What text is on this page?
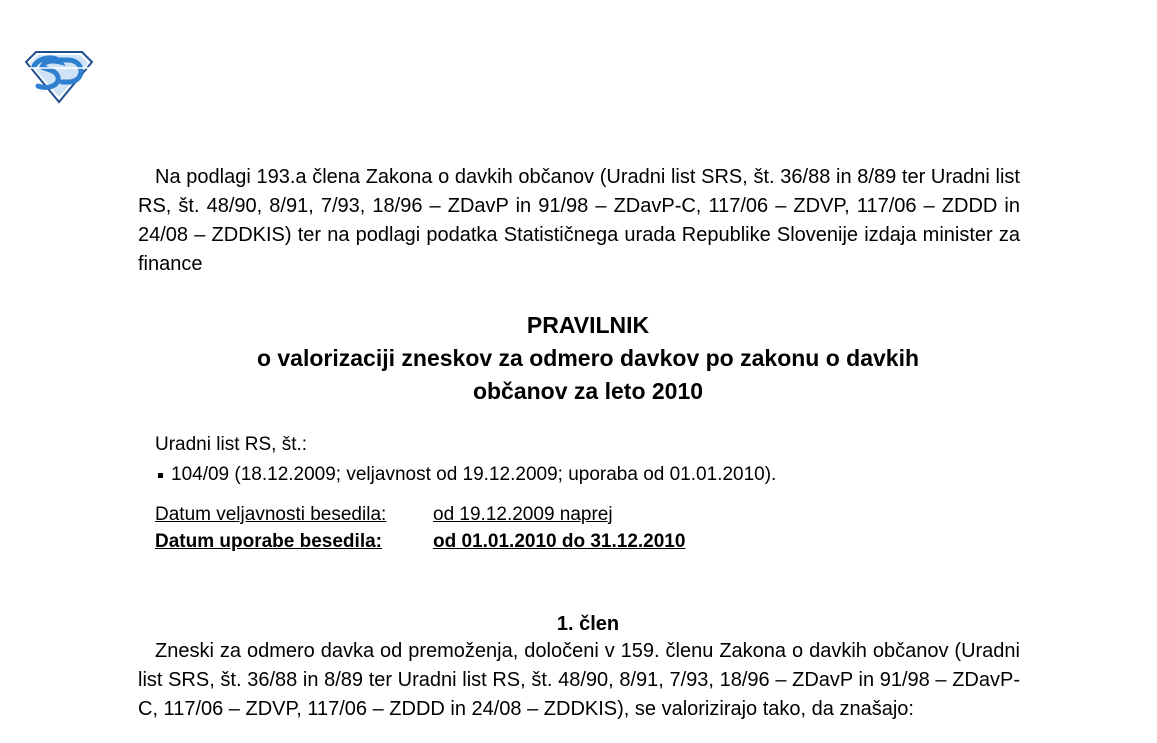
Na podlagi 193.a člena Zakona o davkih občanov (Uradni list SRS, št. 36/88 in 8/89 ter Uradni list RS, št. 48/90, 8/91, 7/93, 18/96 – ZDavP in 91/98 – ZDavP-C, 117/06 – ZDVP, 117/06 – ZDDD in 24/08 – ZDDKIS) ter na podlagi podatka Statističnega urada Republike Slovenije izdaja minister za finance

PRAVILNIK
o valorizaciji zneskov za odmero davkov po zakonu o davkih
občanov za leto 2010
Uradni list RS, št.:
104/09 (18.12.2009; veljavnost od 19.12.2009; uporaba od 01.01.2010).
Datum veljavnosti besedila:	od 19.12.2009 naprej
Datum uporabe besedila:	od 01.01.2010 do 31.12.2010
1. člen

Zneski za odmero davka od premoženja, določeni v 159. členu Zakona o davkih občanov (Uradni list SRS, št. 36/88 in 8/89 ter Uradni list RS, št. 48/90, 8/91, 7/93, 18/96 – ZDavP in 91/98 – ZDavP-C, 117/06 – ZDVP, 117/06 – ZDDD in 24/08 – ZDDKIS), se valorizirajo tako, da znašajo:
